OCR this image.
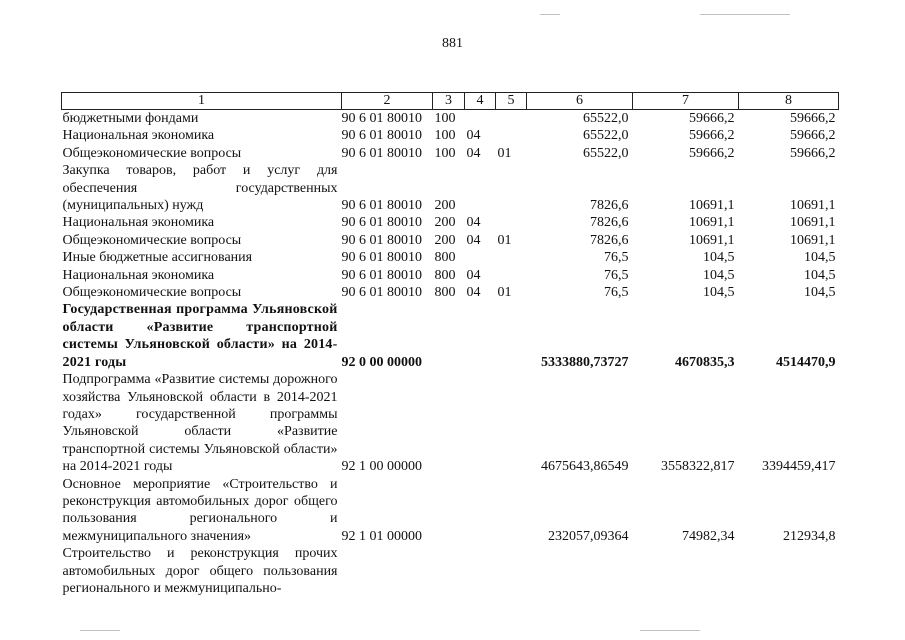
881
1	2	3	4	5	6	7	8
бюджетными фондами	90 6 01 80010	100			65522,0	59666,2	59666,2
Национальная экономика	90 6 01 80010	100	04		65522,0	59666,2	59666,2
Общеэкономические вопросы	90 6 01 80010	100	04	01	65522,0	59666,2	59666,2
Закупка товаров, работ и услуг для обеспечения государственных (муниципальных) нужд	90 6 01 80010	200			7826,6	10691,1	10691,1
Национальная экономика	90 6 01 80010	200	04		7826,6	10691,1	10691,1
Общеэкономические вопросы	90 6 01 80010	200	04	01	7826,6	10691,1	10691,1
Иные бюджетные ассигнования	90 6 01 80010	800			76,5	104,5	104,5
Национальная экономика	90 6 01 80010	800	04		76,5	104,5	104,5
Общеэкономические вопросы	90 6 01 80010	800	04	01	76,5	104,5	104,5
Государственная программа Ульяновской области «Развитие транспортной системы Ульяновской области» на 2014-2021 годы	92 0 00 00000				5333880,73727	4670835,3	4514470,9
Подпрограмма «Развитие системы дорожного хозяйства Ульяновской области в 2014-2021 годах» государственной программы Ульяновской области «Развитие транспортной системы Ульяновской области» на 2014-2021 годы	92 1 00 00000				4675643,86549	3558322,817	3394459,417
Основное мероприятие «Строительство и реконструкция автомобильных дорог общего пользования регионального и межмуниципального значения»	92 1 01 00000				232057,09364	74982,34	212934,8
Строительство и реконструкция прочих автомобильных дорог общего пользования регионального и межмуниципально-							
